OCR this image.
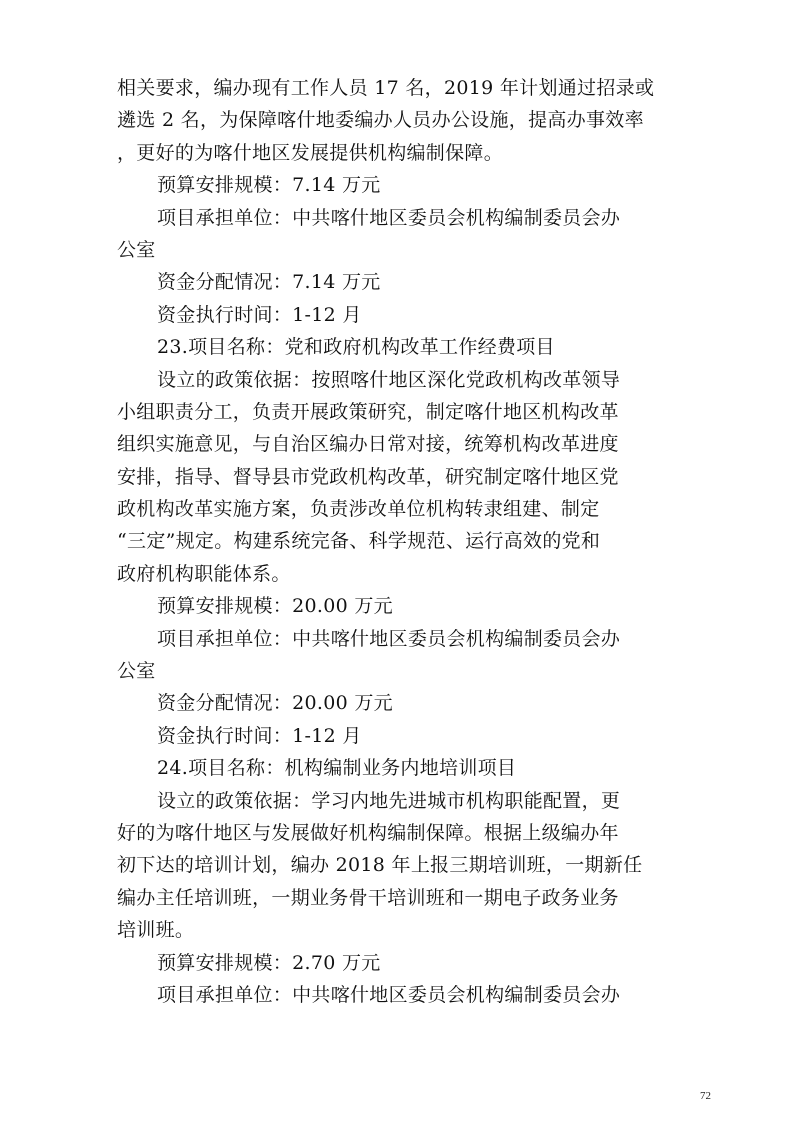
相关要求，编办现有工作人员 17 名，2019 年计划通过招录或
遴选 2 名，为保障喀什地委编办人员办公设施，提高办事效率
，更好的为喀什地区发展提供机构编制保障。
预算安排规模：7.14 万元
项目承担单位：中共喀什地区委员会机构编制委员会办
公室
资金分配情况：7.14 万元
资金执行时间：1-12 月
23.项目名称：党和政府机构改革工作经费项目
设立的政策依据：按照喀什地区深化党政机构改革领导
小组职责分工，负责开展政策研究，制定喀什地区机构改革
组织实施意见，与自治区编办日常对接，统筹机构改革进度
安排，指导、督导县市党政机构改革，研究制定喀什地区党
政机构改革实施方案，负责涉改单位机构转隶组建、制定
“三定”规定。构建系统完备、科学规范、运行高效的党和
政府机构职能体系。
预算安排规模：20.00 万元
项目承担单位：中共喀什地区委员会机构编制委员会办
公室
资金分配情况：20.00 万元
资金执行时间：1-12 月
24.项目名称：机构编制业务内地培训项目
设立的政策依据：学习内地先进城市机构职能配置，更
好的为喀什地区与发展做好机构编制保障。根据上级编办年
初下达的培训计划，编办 2018 年上报三期培训班，一期新任
编办主任培训班，一期业务骨干培训班和一期电子政务业务
培训班。
预算安排规模：2.70 万元
项目承担单位：中共喀什地区委员会机构编制委员会办
72
